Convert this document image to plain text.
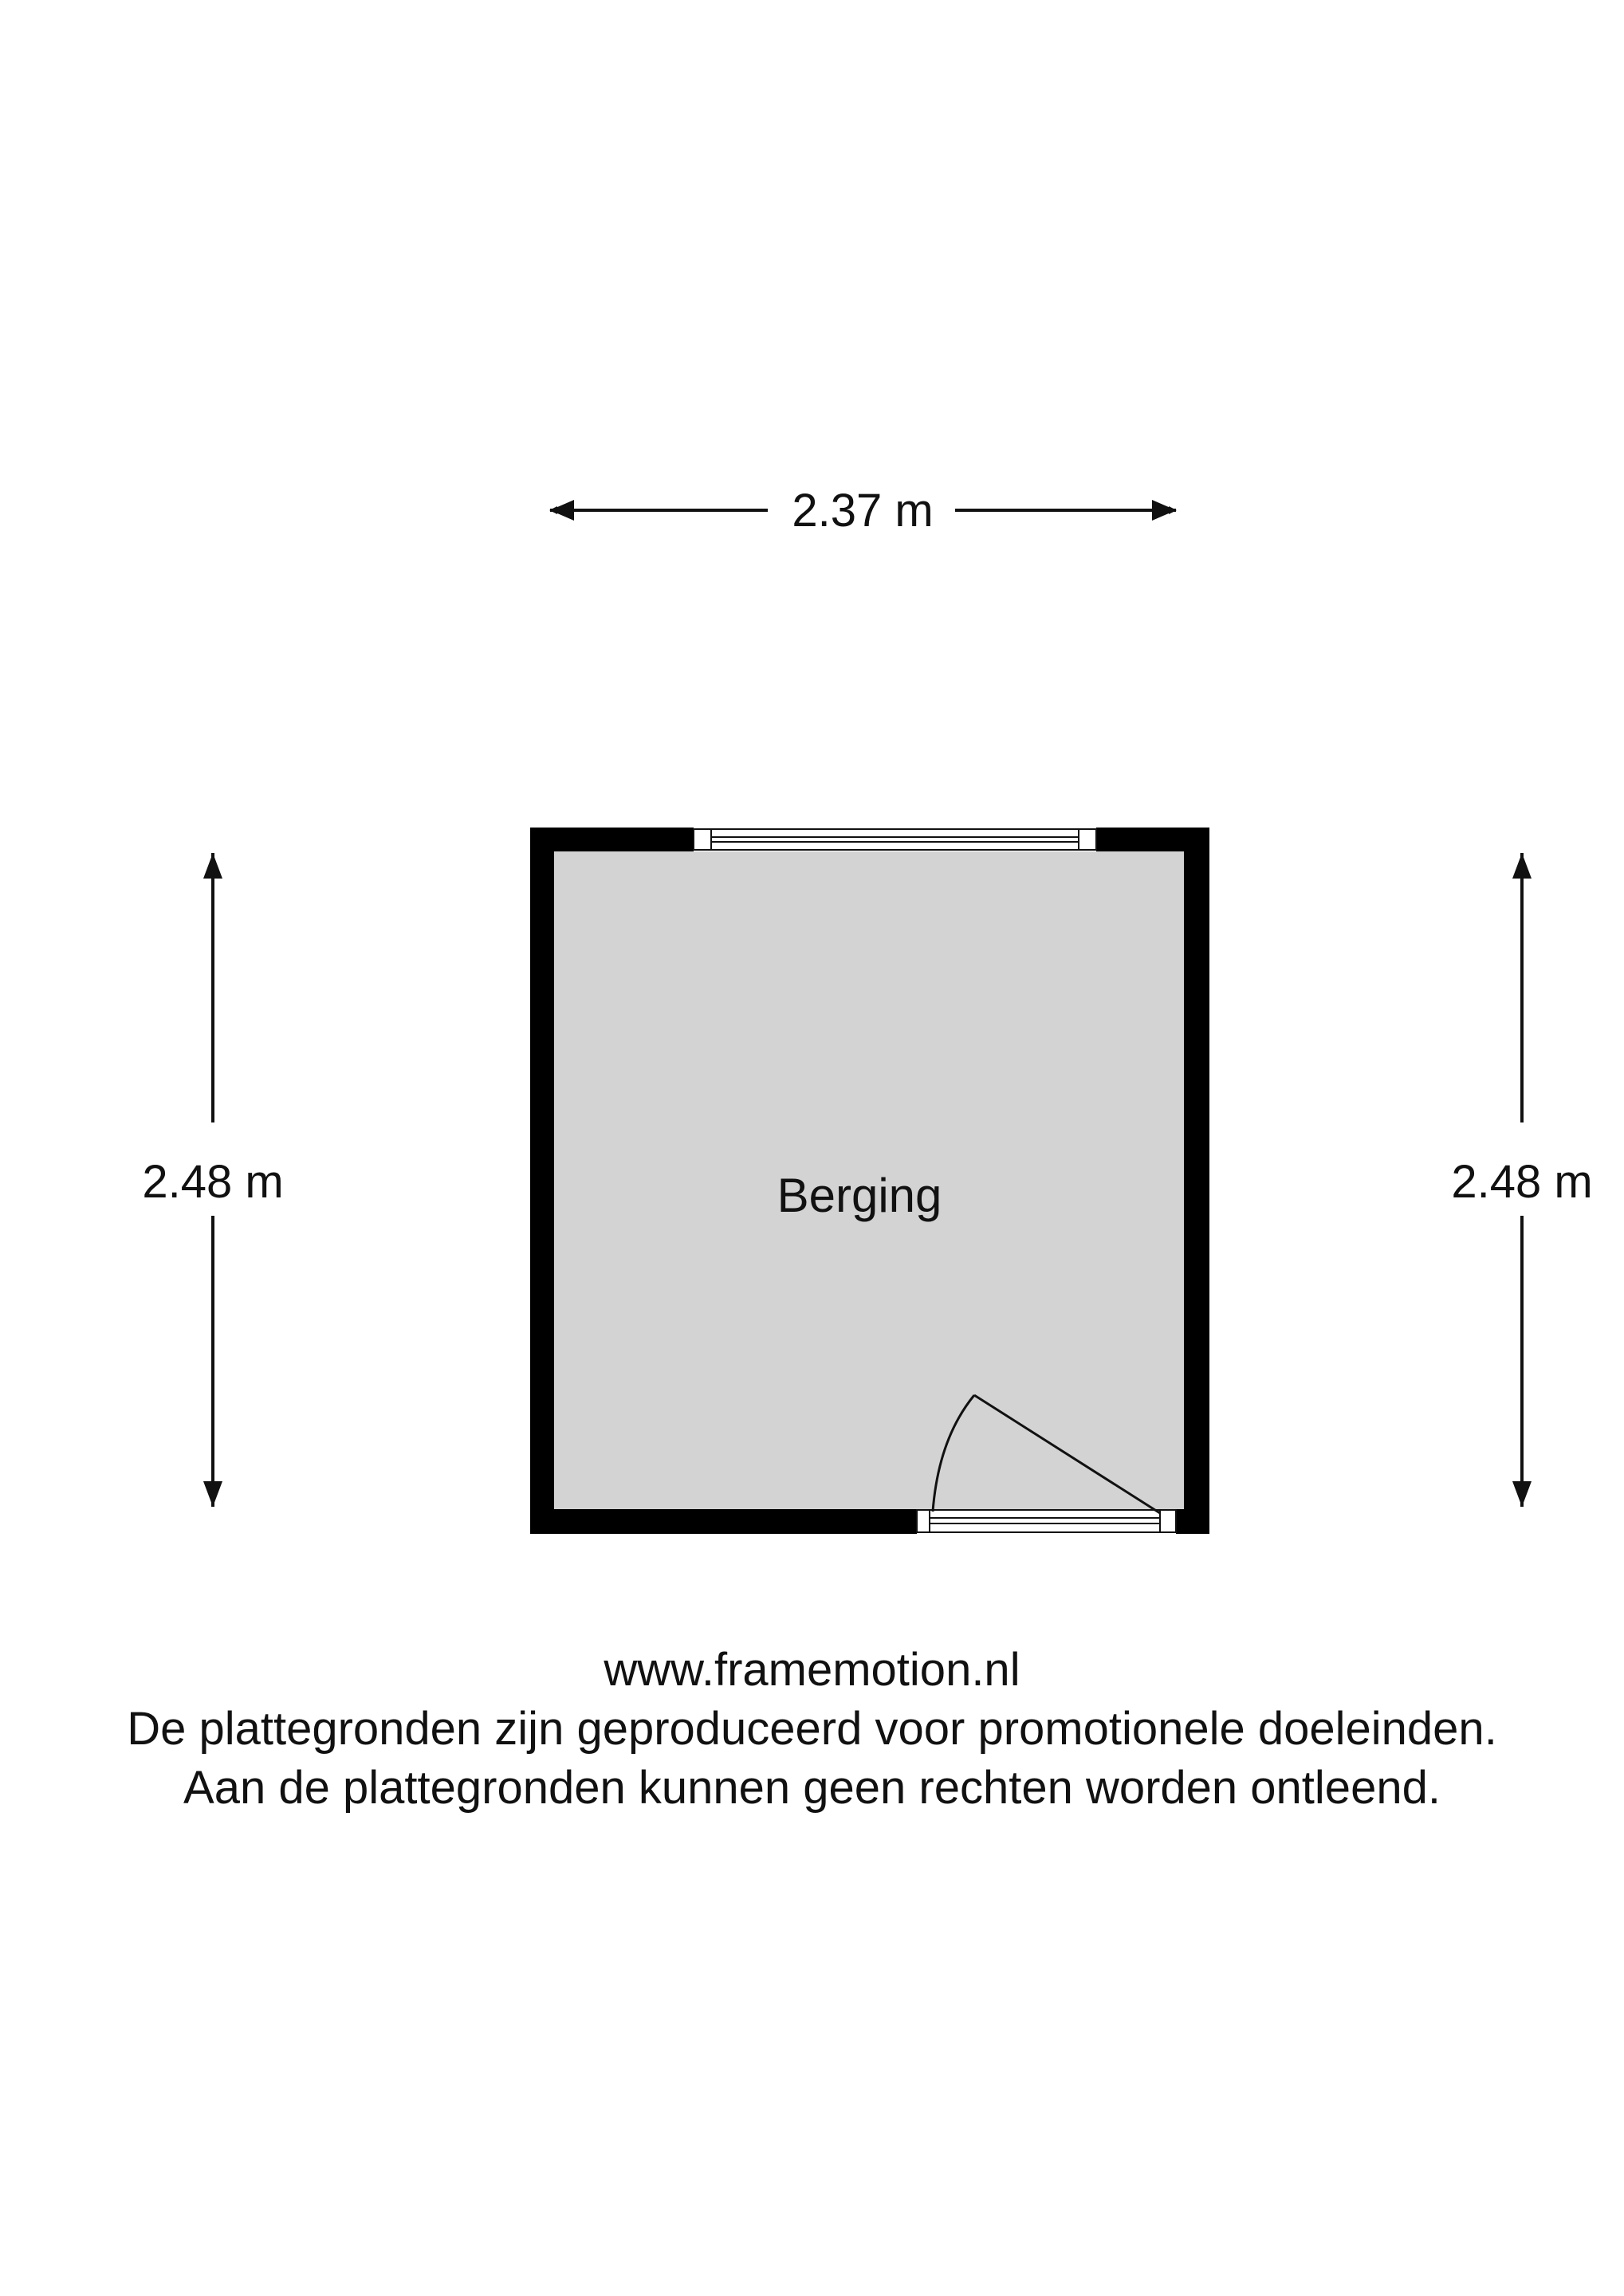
2.37 m
2.48 m	2.48 m
Berging
www.framemotion.nl
De plattegronden zijn geproduceerd voor promotionele doeleinden.
Aan de plattegronden kunnen geen rechten worden ontleend.
